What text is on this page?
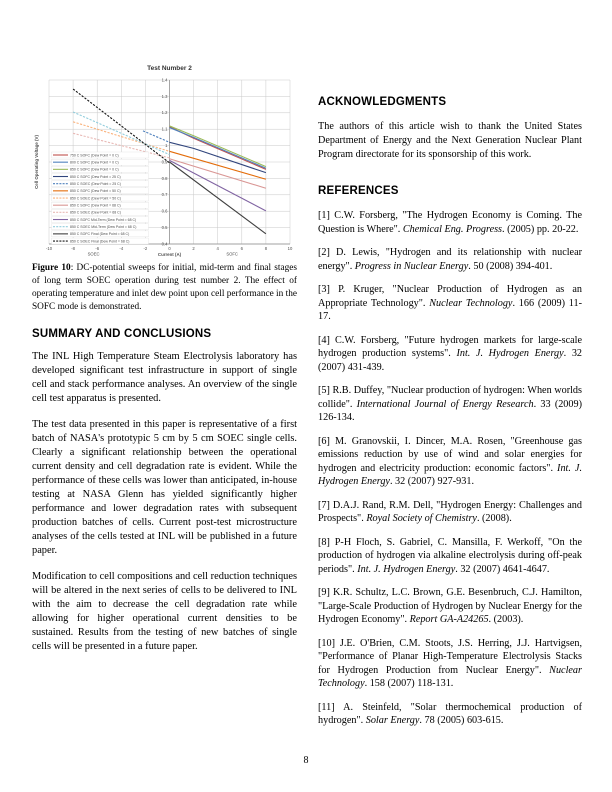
0.4
0.5
0.6
0.7
0.8
0.9
1
1.1
1.2
1.3
1.4
-10	-8	-6	-4	-2	0	2	4	6	8	10
SOEC	SOFC
Current (A)
Cell Operating Voltage (V)
Test Number 2
750 C SOFC (Dew Point = 0 C)
800 C SOFC (Dew Point = 0 C)
850 C SOFC (Dew Point = 0 C)
850 C SOFC (Dew Point = 25 C)
850 C SOEC (Dew Point = 25 C)
850 C SOFC (Dew Point = 50 C)
850 C SOEC (Dew Point = 50 C)
850 C SOFC (Dew Point = 68 C)
850 C SOEC (Dew Point = 68 C)
850 C SOFC Mid-Term (Dew Point = 68 C)
850 C SOEC Mid-Term (Dew Point = 68 C)
850 C SOFC Final (Dew Point = 68 C)
850 C SOEC Final (Dew Point = 68 C)

Figure 10: DC-potential sweeps for initial, mid-term and final stages of long term SOEC operation during test number 2. The effect of operating temperature and inlet dew point upon cell performance in the SOFC mode is demonstrated.

SUMMARY AND CONCLUSIONS

The INL High Temperature Steam Electrolysis laboratory has developed significant test infrastructure in support of single cell and stack performance analyses. An overview of the single cell test apparatus is presented.

The test data presented in this paper is representative of a first batch of NASA's prototypic 5 cm by 5 cm SOEC single cells. Clearly a significant relationship between the operational current density and cell degradation rate is evident. While the performance of these cells was lower than anticipated, in-house testing at NASA Glenn has yielded significantly higher performance and lower degradation rates with subsequent production batches of cells. Current post-test microstructure analyses of the cells tested at INL will be published in a future paper.

Modification to cell compositions and cell reduction techniques will be altered in the next series of cells to be delivered to INL with the aim to decrease the cell degradation rate while allowing for higher operational current densities to be sustained. Results from the testing of new batches of single cells will be presented in a future paper.

ACKNOWLEDGMENTS

The authors of this article wish to thank the United States Department of Energy and the Next Generation Nuclear Plant Program directorate for its sponsorship of this work.

REFERENCES

[1] C.W. Forsberg, "The Hydrogen Economy is Coming. The Question is Where". Chemical Eng. Progress. (2005) pp. 20-22.

[2] D. Lewis, "Hydrogen and its relationship with nuclear energy". Progress in Nuclear Energy. 50 (2008) 394-401.

[3] P. Kruger, "Nuclear Production of Hydrogen as an Appropriate Technology". Nuclear Technology. 166 (2009) 11-17.

[4] C.W. Forsberg, "Future hydrogen markets for large-scale hydrogen production systems". Int. J. Hydrogen Energy. 32 (2007) 431-439.

[5] R.B. Duffey, "Nuclear production of hydrogen: When worlds collide". International Journal of Energy Research. 33 (2009) 126-134.

[6] M. Granovskii, I. Dincer, M.A. Rosen, "Greenhouse gas emissions reduction by use of wind and solar energies for hydrogen and electricity production: economic factors". Int. J. Hydrogen Energy. 32 (2007) 927-931.

[7] D.A.J. Rand, R.M. Dell, "Hydrogen Energy: Challenges and Prospects". Royal Society of Chemistry. (2008).

[8] P-H Floch, S. Gabriel, C. Mansilla, F. Werkoff, "On the production of hydrogen via alkaline electrolysis during off-peak periods". Int. J. Hydrogen Energy. 32 (2007) 4641-4647.

[9] K.R. Schultz, L.C. Brown, G.E. Besenbruch, C.J. Hamilton, "Large-Scale Production of Hydrogen by Nuclear Energy for the Hydrogen Economy". Report GA-A24265. (2003).

[10] J.E. O'Brien, C.M. Stoots, J.S. Herring, J.J. Hartvigsen, "Performance of Planar High-Temperature Electrolysis Stacks for Hydrogen Production from Nuclear Energy". Nuclear Technology. 158 (2007) 118-131.

[11] A. Steinfeld, "Solar thermochemical production of hydrogen". Solar Energy. 78 (2005) 603-615.

8
